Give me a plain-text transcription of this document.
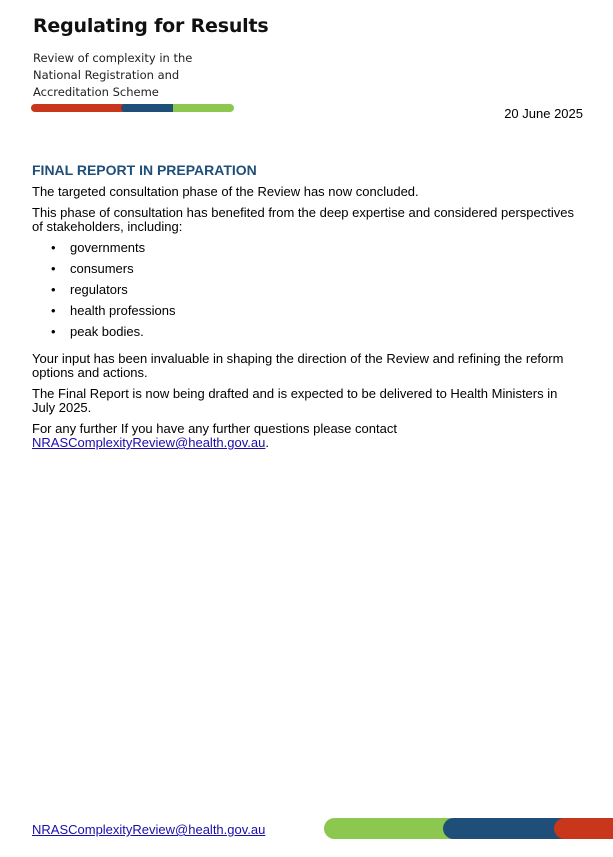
Regulating for Results
Review of complexity in the
National Registration and
Accreditation Scheme
20 June 2025
FINAL REPORT IN PREPARATION

The targeted consultation phase of the Review has now concluded.

This phase of consultation has benefited from the deep expertise and considered perspectives of stakeholders, including:

• governments
• consumers
• regulators
• health professions
• peak bodies.

Your input has been invaluable in shaping the direction of the Review and refining the reform options and actions.

The Final Report is now being drafted and is expected to be delivered to Health Ministers in July 2025.

For any further If you have any further questions please contact
NRASComplexityReview@health.gov.au.

NRASComplexityReview@health.gov.au
